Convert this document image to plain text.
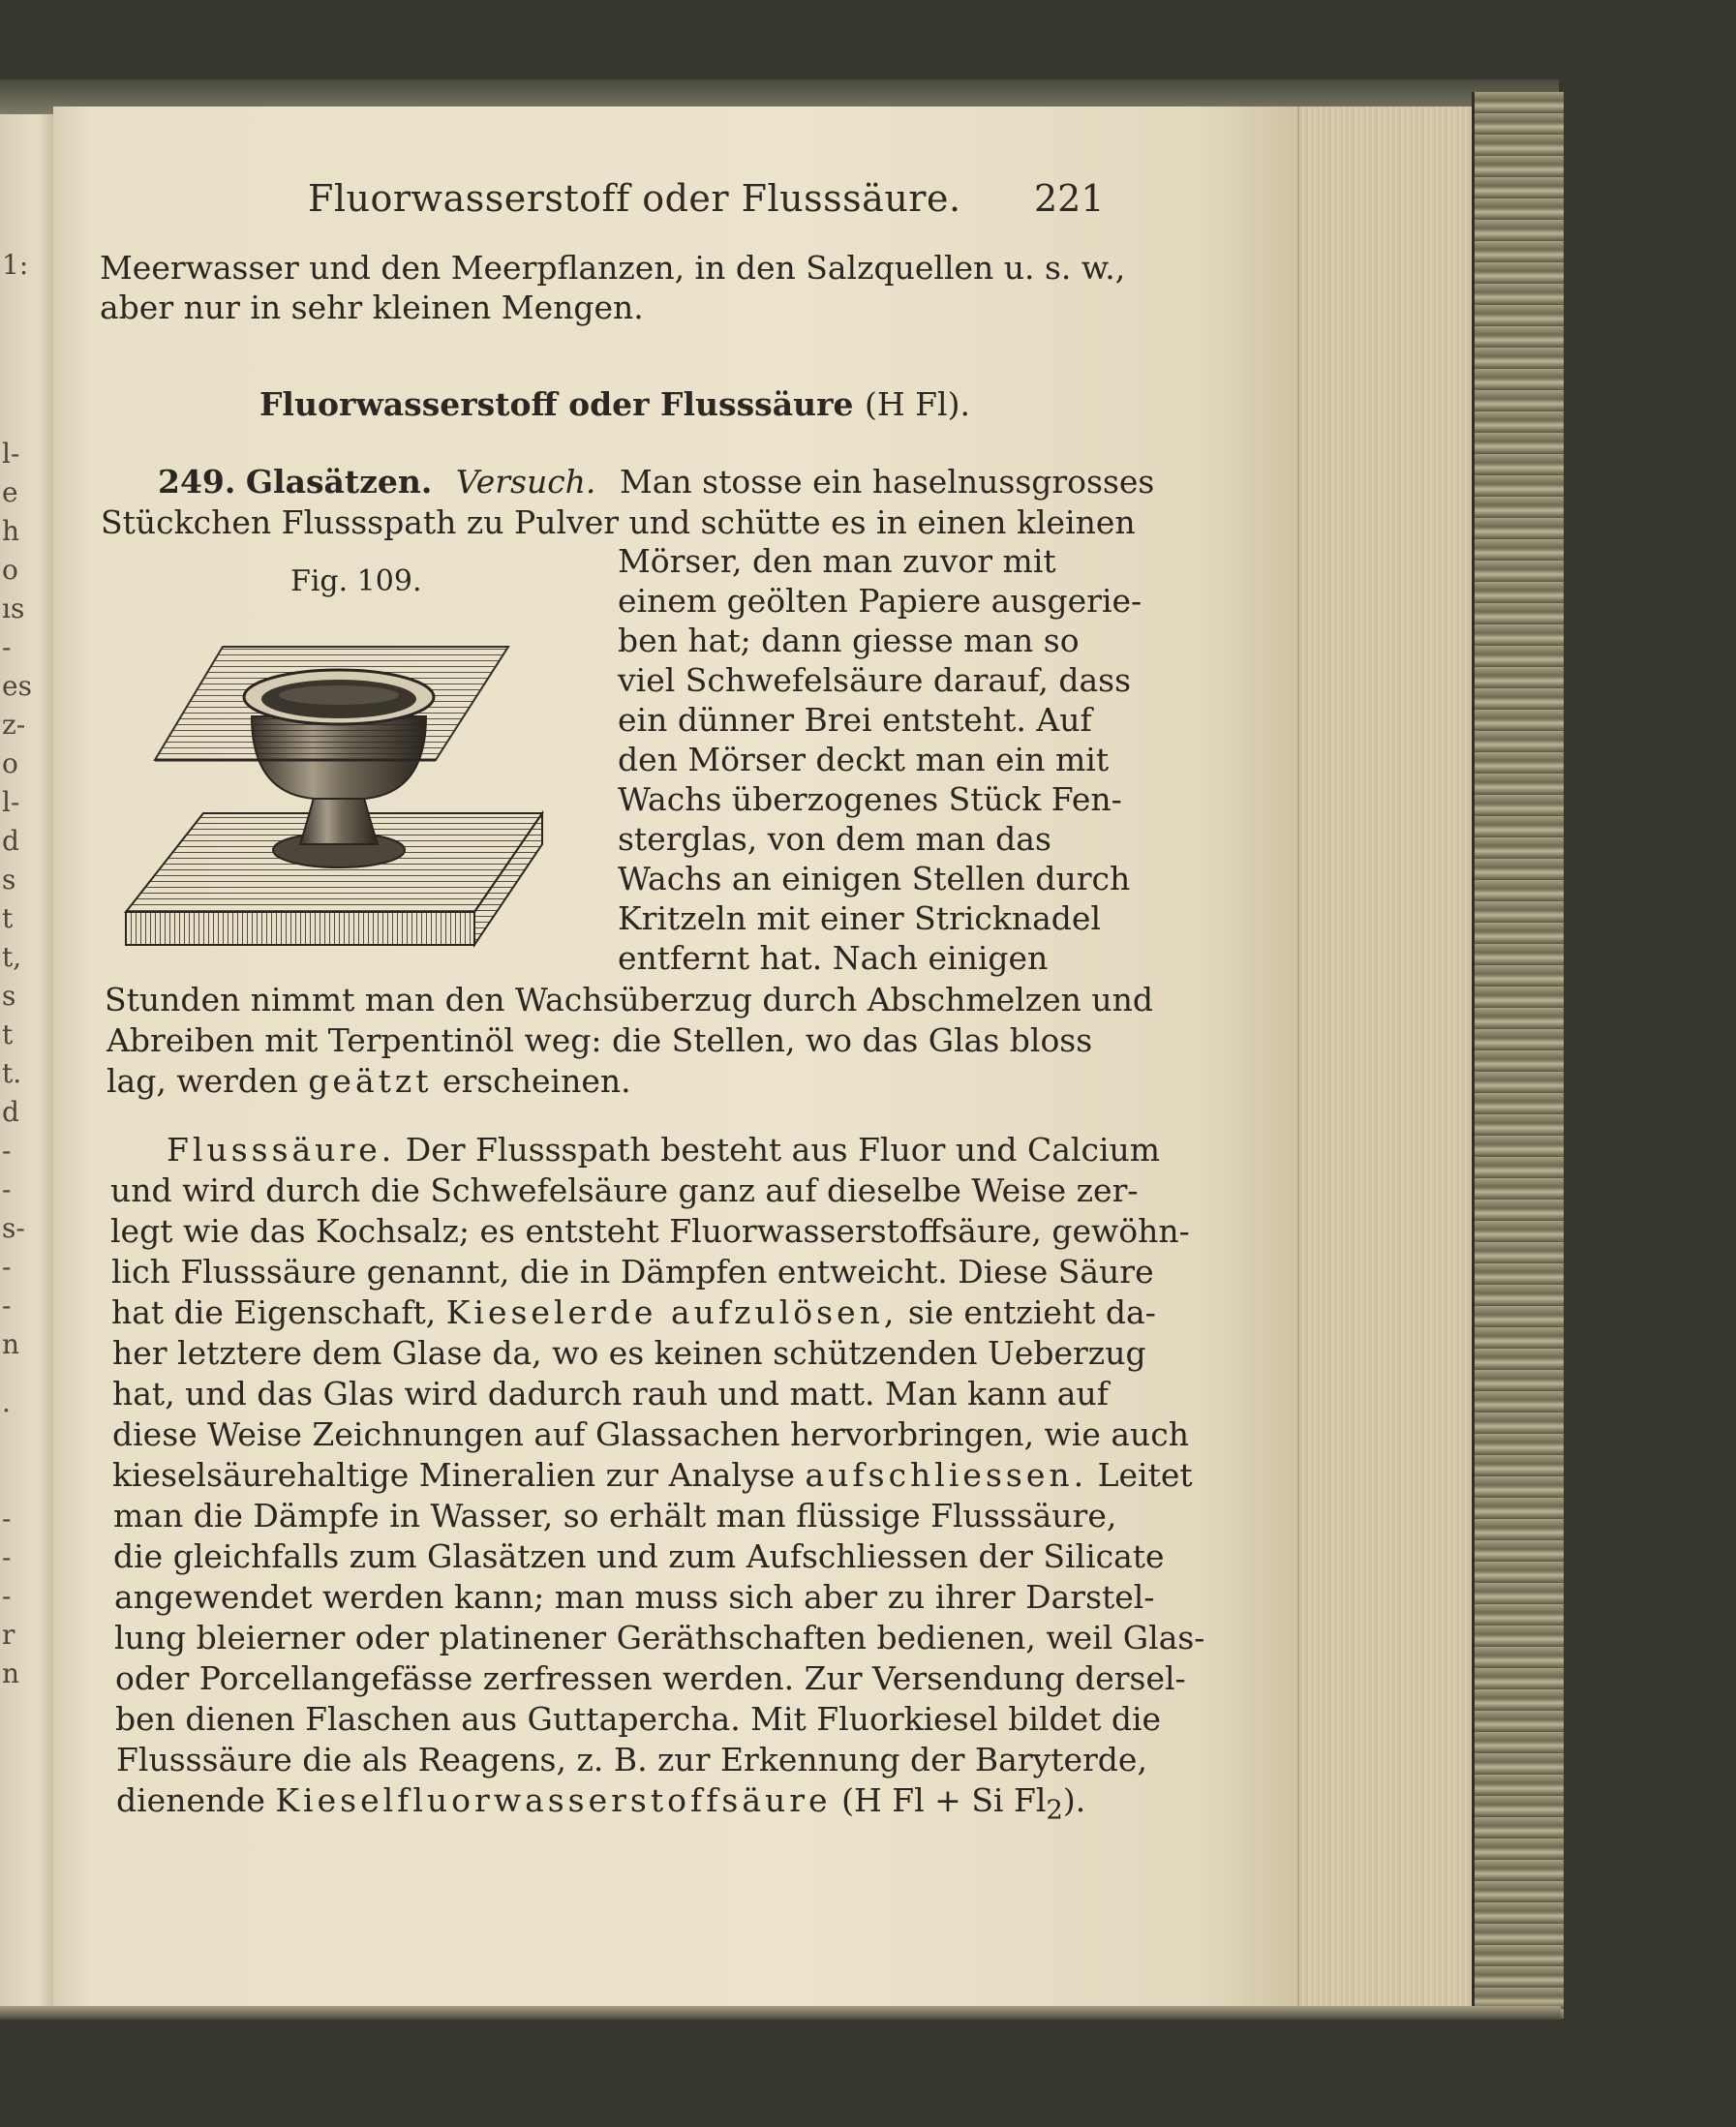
1:
l-
e
h
o
ıs
-
es
z-
o
l-
d
s
t
t,
s
t
t.
d
-
-
s-
-
-
n
.
-
-
-
r
n
Fluorwasserstoff oder Flusssäure. 221
Meerwasser und den Meerpflanzen, in den Salzquellen u. s. w.,
aber nur in sehr kleinen Mengen.
Fluorwasserstoff oder Flusssäure (H Fl).
249. Glasätzen. Versuch. Man stosse ein haselnussgrosses
Stückchen Flussspath zu Pulver und schütte es in einen kleinen
Mörser, den man zuvor mit
einem geölten Papiere ausgerie-
ben hat; dann giesse man so
viel Schwefelsäure darauf, dass
ein dünner Brei entsteht. Auf
den Mörser deckt man ein mit
Wachs überzogenes Stück Fen-
sterglas, von dem man das
Wachs an einigen Stellen durch
Kritzeln mit einer Stricknadel
entfernt hat. Nach einigen
Fig. 109.
Stunden nimmt man den Wachsüberzug durch Abschmelzen und
Abreiben mit Terpentinöl weg: die Stellen, wo das Glas bloss
lag, werden geätzt erscheinen.
Flusssäure. Der Flussspath besteht aus Fluor und Calcium
und wird durch die Schwefelsäure ganz auf dieselbe Weise zer-
legt wie das Kochsalz; es entsteht Fluorwasserstoffsäure, gewöhn-
lich Flusssäure genannt, die in Dämpfen entweicht. Diese Säure
hat die Eigenschaft, Kieselerde aufzulösen, sie entzieht da-
her letztere dem Glase da, wo es keinen schützenden Ueberzug
hat, und das Glas wird dadurch rauh und matt. Man kann auf
diese Weise Zeichnungen auf Glassachen hervorbringen, wie auch
kieselsäurehaltige Mineralien zur Analyse aufschliessen. Leitet
man die Dämpfe in Wasser, so erhält man flüssige Flusssäure,
die gleichfalls zum Glasätzen und zum Aufschliessen der Silicate
angewendet werden kann; man muss sich aber zu ihrer Darstel-
lung bleierner oder platinener Geräthschaften bedienen, weil Glas-
oder Porcellangefässe zerfressen werden. Zur Versendung dersel-
ben dienen Flaschen aus Guttapercha. Mit Fluorkiesel bildet die
Flusssäure die als Reagens, z. B. zur Erkennung der Baryterde,
dienende Kieselfluorwasserstoffsäure (H Fl + Si $Fl_2$).
